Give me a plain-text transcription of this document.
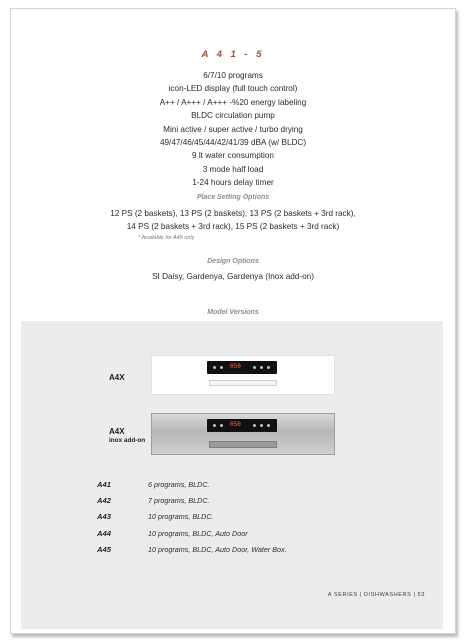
A 4 1 - 5
6/7/10 programs
icon-LED display (full touch control)
A++ / A+++ / A+++ -%20 energy labeling
BLDC circulation pump
Mini active / super active / turbo drying
49/47/46/45/44/42/41/39 dBA (w/ BLDC)
9 lt water consumption
3 mode half load
1-24 hours delay timer
Place Setting Options
12 PS (2 baskets), 13 PS (2 baskets), 13 PS (2 baskets + 3rd rack),
14 PS (2 baskets + 3rd rack), 15 PS (2 baskets + 3rd rack)
* Available for A45 only
Design Options
SI Daisy, Gardenya, Gardenya (Inox add-on)
Model Versions
A4X
050
A4X
inox add-on
050
A41	6 programs, BLDC.
A42	7 programs, BLDC.
A43	10 programs, BLDC.
A44	10 programs, BLDC, Auto Door
A45	10 programs, BLDC, Auto Door, Water Box.
A SERIES | DISHWASHERS | 53
